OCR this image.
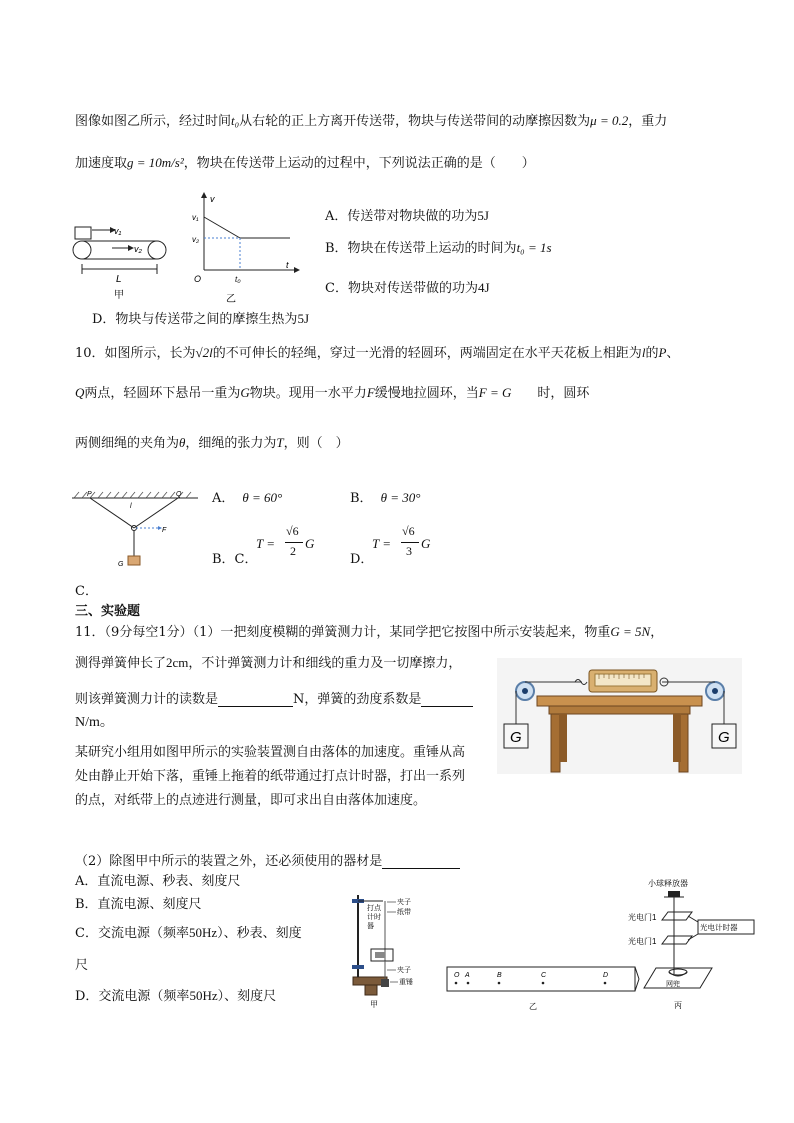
图像如图乙所示，经过时间t₀从右轮的正上方离开传送带，物块与传送带间的动摩擦因数为μ = 0.2，重力
加速度取g = 10m/s²，物块在传送带上运动的过程中，下列说法正确的是（　　）
v₁
v₂
L
甲
v
v₁
v₂
O	t₀
t
乙
A．传送带对物块做的功为5J
B．物块在传送带上运动的时间为t₀ = 1s
C．物块对传送带做的功为4J
D．物块与传送带之间的摩擦生热为5J
10．如图所示，长为√2l的不可伸长的轻绳，穿过一光滑的轻圆环，两端固定在水平天花板上相距为l的P、
Q两点，轻圆环下悬吊一重为G物块。现用一水平力F缓慢地拉圆环，当F = G 时，圆环
两侧细绳的夹角为θ，细绳的张力为T，则（　）
P	Q
l
F
G
A． θ = 60°	B． θ = 30°
B．C．
T =
√6
2 G
D．
T =
√6
3 G
C．
三、实验题
11．（9分每空1分）（1）一把刻度模糊的弹簧测力计，某同学把它按图中所示安装起来，物重G = 5N，
测得弹簧伸长了2cm，不计弹簧测力计和细线的重力及一切摩擦力，
则该弹簧测力计的读数是	N，弹簧的劲度系数是
N/m。
某研究小组用如图甲所示的实验装置测自由落体的加速度。重锤从高
处由静止开始下落，重锤上拖着的纸带通过打点计时器，打出一系列
的点，对纸带上的点迹进行测量，即可求出自由落体加速度。
G	G
（2）除图甲中所示的装置之外，还必须使用的器材是
A．直流电源、秒表、刻度尺
B．直流电源、刻度尺
C．交流电源（频率50Hz）、秒表、刻度
尺
D．交流电源（频率50Hz）、刻度尺
打点
计时
器
夹子
纸带
夹子
重锤
甲
O A	B	C	D
乙
小球释放器
光电门1
光电门1
光电计时器
网兜
丙
